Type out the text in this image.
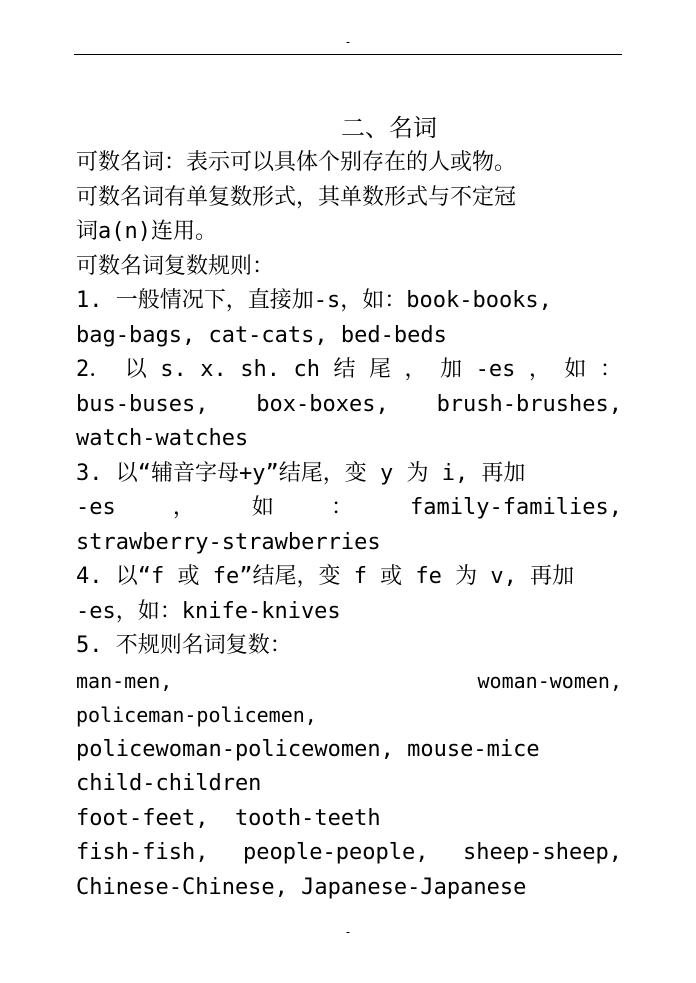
-
二、名词
可数名词：表示可以具体个别存在的人或物。
可数名词有单复数形式，其单数形式与不定冠
词a(n)连用。
可数名词复数规则：
1. 一般情况下，直接加-s，如：book-books,
bag-bags, cat-cats, bed-beds
2． 以 s. x. sh. ch 结 尾 ， 加 -es ， 如 ：
bus-buses, box-boxes, brush-brushes,
watch-watches
3. 以“辅音字母+y”结尾，变 y 为 i, 再加
-es	，	如	：	family-families,
strawberry-strawberries
4. 以“f 或 fe”结尾，变 f 或 fe 为 v, 再加
-es，如：knife-knives
5. 不规则名词复数：
man-men,	woman-women,
policeman-policemen,
policewoman-policewomen, mouse-mice
child-children
foot-feet,  tooth-teeth
fish-fish, people-people, sheep-sheep,
Chinese-Chinese, Japanese-Japanese
-
